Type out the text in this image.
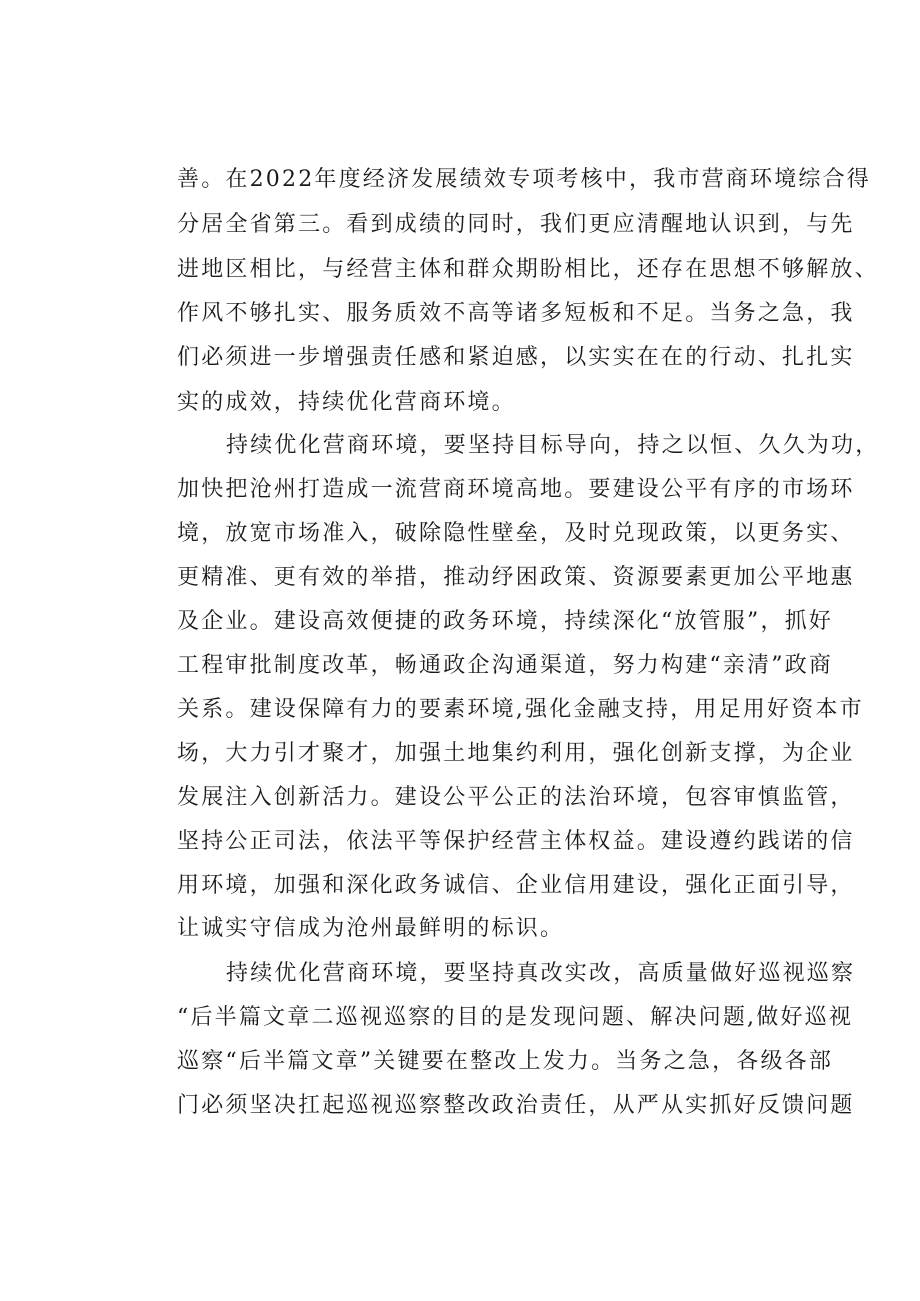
善。在2022年度经济发展绩效专项考核中，我市营商环境综合得

分居全省第三。看到成绩的同时，我们更应清醒地认识到，与先

进地区相比，与经营主体和群众期盼相比，还存在思想不够解放、

作风不够扎实、服务质效不高等诸多短板和不足。当务之急，我

们必须进一步增强责任感和紧迫感，以实实在在的行动、扎扎实

实的成效，持续优化营商环境。

持续优化营商环境，要坚持目标导向，持之以恒、久久为功，

加快把沧州打造成一流营商环境高地。要建设公平有序的市场环

境，放宽市场准入，破除隐性壁垒，及时兑现政策，以更务实、

更精准、更有效的举措，推动纾困政策、资源要素更加公平地惠

及企业。建设高效便捷的政务环境，持续深化“放管服”，抓好

工程审批制度改革，畅通政企沟通渠道，努力构建“亲清”政商

关系。建设保障有力的要素环境,强化金融支持，用足用好资本市

场，大力引才聚才，加强土地集约利用，强化创新支撑，为企业

发展注入创新活力。建设公平公正的法治环境，包容审慎监管，

坚持公正司法，依法平等保护经营主体权益。建设遵约践诺的信

用环境，加强和深化政务诚信、企业信用建设，强化正面引导，

让诚实守信成为沧州最鲜明的标识。

持续优化营商环境，要坚持真改实改，高质量做好巡视巡察

“后半篇文章二巡视巡察的目的是发现问题、解决问题,做好巡视

巡察“后半篇文章”关键要在整改上发力。当务之急，各级各部

门必须坚决扛起巡视巡察整改政治责任，从严从实抓好反馈问题
